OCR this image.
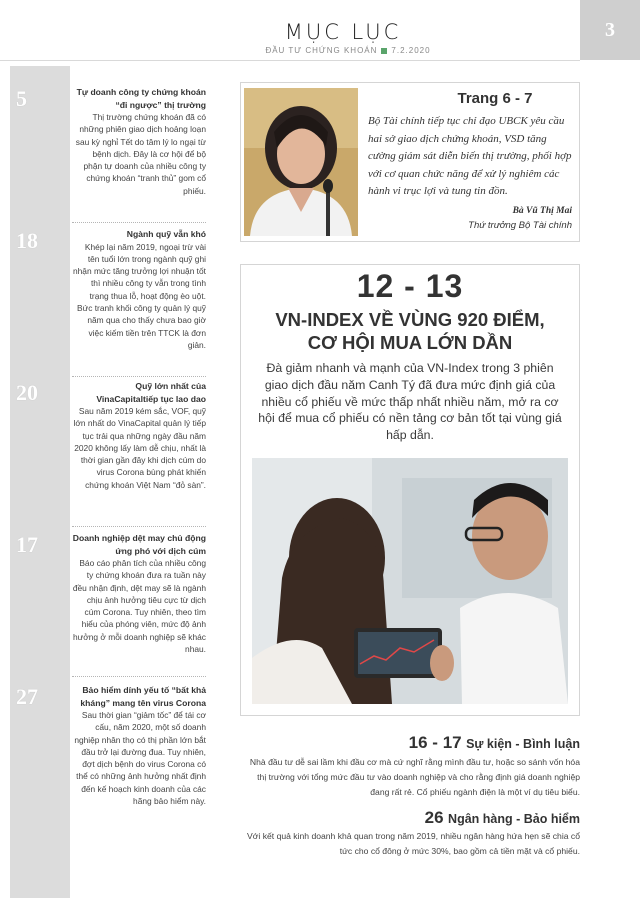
MỤC LỤC
ĐẦU TƯ CHỨNG KHOÁN 7.2.2020
3
5	Tự doanh công ty chứng khoán “đi ngược” thị trường
Thị trường chứng khoán đã có những phiên giao dịch hoảng loạn sau kỳ nghỉ Tết do tâm lý lo ngại từ bệnh dịch. Đây là cơ hội để bộ phận tự doanh của nhiều công ty chứng khoán “tranh thủ” gom cổ phiếu.
18	Ngành quỹ vẫn khó
Khép lại năm 2019, ngoại trừ vài tên tuổi lớn trong ngành quỹ ghi nhận mức tăng trưởng lợi nhuận tốt thì nhiều công ty vẫn trong tình trạng thua lỗ, hoạt động èo uột. Bức tranh khối công ty quản lý quỹ năm qua cho thấy chưa bao giờ việc kiếm tiền trên TTCK là đơn giản.
20	Quỹ lớn nhất của VinaCapitaltiếp tục lao dao
Sau năm 2019 kém sắc, VOF, quỹ lớn nhất do VinaCapital quản lý tiếp tục trải qua những ngày đầu năm 2020 không lấy làm dễ chịu, nhất là thời gian gần đây khi dịch cúm do virus Corona bùng phát khiến chứng khoán Việt Nam “đỏ sàn”.
17	Doanh nghiệp dệt may chủ động ứng phó với dịch cúm
Báo cáo phân tích của nhiều công ty chứng khoán đưa ra tuần này đều nhận định, dệt may sẽ là ngành chịu ảnh hưởng tiêu cực từ dịch cúm Corona. Tuy nhiên, theo tìm hiểu của phóng viên, mức độ ảnh hưởng ở mỗi doanh nghiệp sẽ khác nhau.
27	Bảo hiểm dính yếu tố “bất khả kháng” mang tên virus Corona
Sau thời gian “giảm tốc” để tái cơ cấu, năm 2020, một số doanh nghiệp nhân thọ có thị phần lớn bắt đầu trở lại đường đua. Tuy nhiên, đợt dịch bệnh do virus Corona có thể có những ảnh hưởng nhất định đến kế hoạch kinh doanh của các hãng bảo hiểm này.
Trang 6 - 7
Bộ Tài chính tiếp tục chỉ đạo UBCK yêu cầu hai sở giao dịch chứng khoán, VSD tăng cường giám sát diễn biến thị trường, phối hợp với cơ quan chức năng để xử lý nghiêm các hành vi trục lợi và tung tin đồn.
Bà Vũ Thị Mai
Thứ trưởng Bộ Tài chính
12 - 13
VN-INDEX VỀ VÙNG 920 ĐIỂM,
CƠ HỘI MUA LỚN DẦN
Đà giảm nhanh và mạnh của VN-Index trong 3 phiên giao dịch đầu năm Canh Tý đã đưa mức định giá của nhiều cổ phiếu về mức thấp nhất nhiều năm, mở ra cơ hội để mua cổ phiếu có nền tảng cơ bản tốt tại vùng giá hấp dẫn.
16 - 17 Sự kiện - Bình luận
Nhà đầu tư dễ sai lầm khi đầu cơ mà cứ nghĩ rằng mình đầu tư, hoặc so sánh vốn hóa thị trường với tổng mức đầu tư vào doanh nghiệp và cho rằng định giá doanh nghiệp đang rất rẻ. Cổ phiếu ngành điện là một ví dụ tiêu biểu.
26 Ngân hàng - Bảo hiểm
Với kết quả kinh doanh khả quan trong năm 2019, nhiều ngân hàng hứa hẹn sẽ chia cổ tức cho cổ đông ở mức 30%, bao gồm cả tiền mặt và cổ phiếu.
